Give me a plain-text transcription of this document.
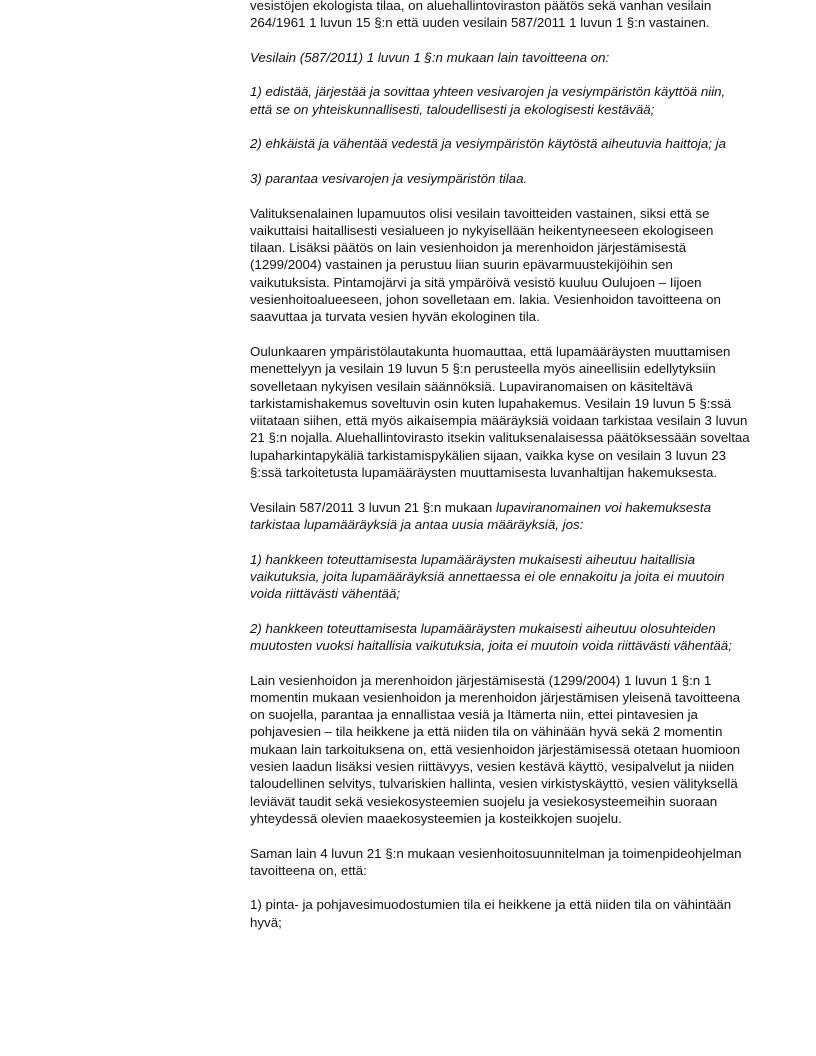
vesistöjen ekologista tilaa, on aluehallintoviraston päätös sekä vanhan vesilain 264/1961 1 luvun 15 §:n että uuden vesilain 587/2011 1 luvun 1 §:n vastainen.

Vesilain (587/2011) 1 luvun 1 §:n mukaan lain tavoitteena on:

1) edistää, järjestää ja sovittaa yhteen vesivarojen ja vesiympäristön käyttöä niin, että se on yhteiskunnallisesti, taloudellisesti ja ekologisesti kestävää;

2) ehkäistä ja vähentää vedestä ja vesiympäristön käytöstä aiheutuvia haittoja; ja

3) parantaa vesivarojen ja vesiympäristön tilaa.

Valituksenalainen lupamuutos olisi vesilain tavoitteiden vastainen, siksi että se vaikuttaisi haitallisesti vesialueen jo nykyisellään heikentyneeseen ekologiseen tilaan. Lisäksi päätös on lain vesienhoidon ja merenhoidon järjestämisestä (1299/2004) vastainen ja perustuu liian suurin epävarmuustekijöihin sen vaikutuksista. Pintamojärvi ja sitä ympäröivä vesistö kuuluu Oulujoen – Iijoen vesienhoitoalueeseen, johon sovelletaan em. lakia. Vesienhoidon tavoitteena on saavuttaa ja turvata vesien hyvän ekologinen tila.

Oulunkaaren ympäristölautakunta huomauttaa, että lupamääräysten muuttamisen menettelyyn ja vesilain 19 luvun 5 §:n perusteella myös aineellisiin edellytyksiin sovelletaan nykyisen vesilain säännöksiä. Lupaviranomaisen on käsiteltävä tarkistamishakemus soveltuvin osin kuten lupahakemus. Vesilain 19 luvun 5 §:ssä viitataan siihen, että myös aikaisempia määräyksiä voidaan tarkistaa vesilain 3 luvun 21 §:n nojalla. Aluehallintovirasto itsekin valituksenalaisessa päätöksessään soveltaa lupaharkintapykäliä tarkistamispykälien sijaan, vaikka kyse on vesilain 3 luvun 23 §:ssä tarkoitetusta lupamääräysten muuttamisesta luvanhaltijan hakemuksesta.

Vesilain 587/2011 3 luvun 21 §:n mukaan lupaviranomainen voi hakemuksesta tarkistaa lupamääräyksiä ja antaa uusia määräyksiä, jos:

1) hankkeen toteuttamisesta lupamääräysten mukaisesti aiheutuu haitallisia vaikutuksia, joita lupamääräyksiä annettaessa ei ole ennakoitu ja joita ei muutoin voida riittävästi vähentää;

2) hankkeen toteuttamisesta lupamääräysten mukaisesti aiheutuu olosuhteiden muutosten vuoksi haitallisia vaikutuksia, joita ei muutoin voida riittävästi vähentää;

Lain vesienhoidon ja merenhoidon järjestämisestä (1299/2004) 1 luvun 1 §:n 1 momentin mukaan vesienhoidon ja merenhoidon järjestämisen yleisenä tavoitteena on suojella, parantaa ja ennallistaa vesiä ja Itämerta niin, ettei pintavesien ja pohjavesien – tila heikkene ja että niiden tila on vähinään hyvä sekä 2 momentin mukaan lain tarkoituksena on, että vesienhoidon järjestämisessä otetaan huomioon vesien laadun lisäksi vesien riittävyys, vesien kestävä käyttö, vesipalvelut ja niiden taloudellinen selvitys, tulvariskien hallinta, vesien virkistyskäyttö, vesien välityksellä leviävät taudit sekä vesiekosysteemien suojelu ja vesiekosysteemeihin suoraan yhteydessä olevien maaekosysteemien ja kosteikkojen suojelu.

Saman lain 4 luvun 21 §:n mukaan vesienhoitosuunnitelman ja toimenpideohjelman tavoitteena on, että:

1) pinta- ja pohjavesimuodostumien tila ei heikkene ja että niiden tila on vähintään hyvä;
